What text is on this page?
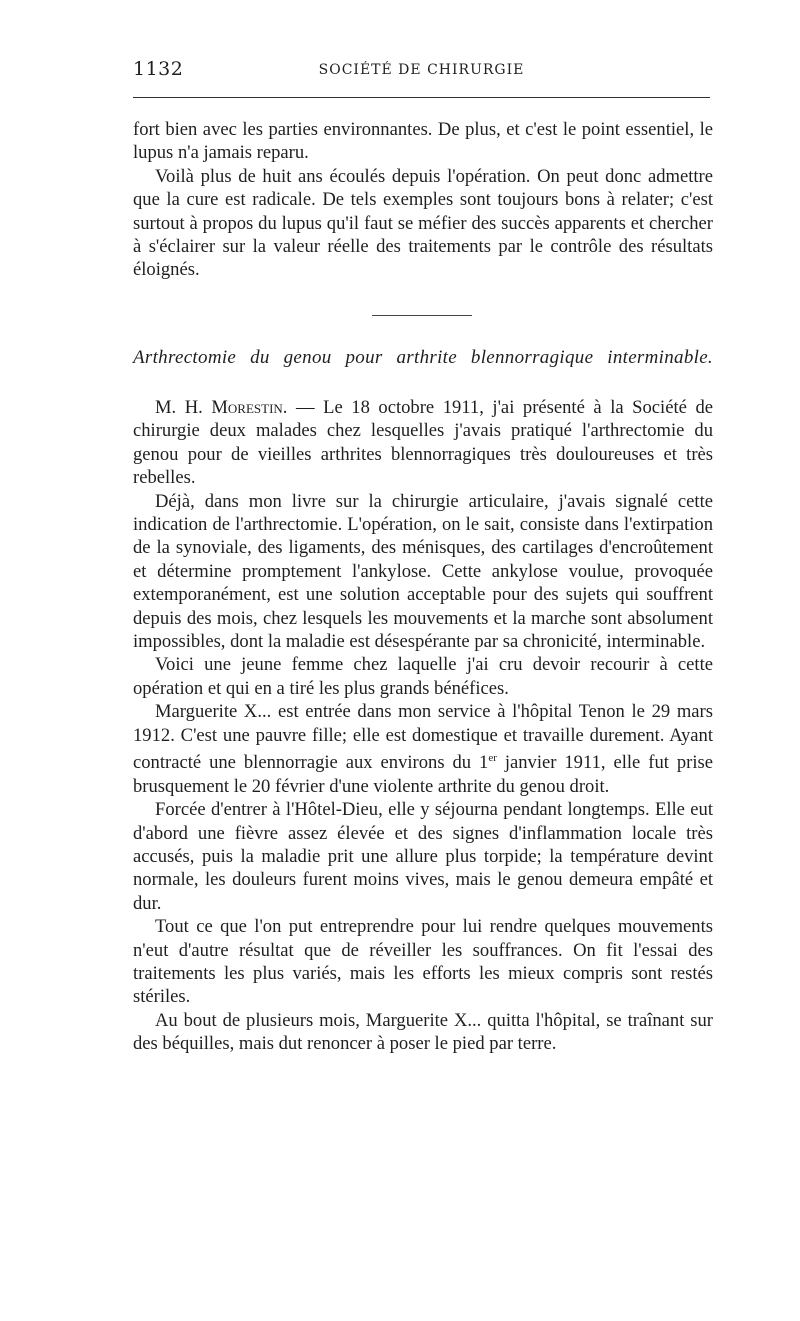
1132	SOCIÉTÉ DE CHIRURGIE

fort bien avec les parties environnantes. De plus, et c'est le point essentiel, le lupus n'a jamais reparu.

Voilà plus de huit ans écoulés depuis l'opération. On peut donc admettre que la cure est radicale. De tels exemples sont toujours bons à relater; c'est surtout à propos du lupus qu'il faut se méfier des succès apparents et chercher à s'éclairer sur la valeur réelle des traitements par le contrôle des résultats éloignés.

Arthrectomie du genou pour arthrite blennorragique interminable.

M. H. Morestin. — Le 18 octobre 1911, j'ai présenté à la Société de chirurgie deux malades chez lesquelles j'avais pratiqué l'arthrectomie du genou pour de vieilles arthrites blennorragiques très douloureuses et très rebelles.

Déjà, dans mon livre sur la chirurgie articulaire, j'avais signalé cette indication de l'arthrectomie. L'opération, on le sait, consiste dans l'extirpation de la synoviale, des ligaments, des ménisques, des cartilages d'encroûtement et détermine promptement l'ankylose. Cette ankylose voulue, provoquée extemporanément, est une solution acceptable pour des sujets qui souffrent depuis des mois, chez lesquels les mouvements et la marche sont absolument impossibles, dont la maladie est désespérante par sa chronicité, interminable.

Voici une jeune femme chez laquelle j'ai cru devoir recourir à cette opération et qui en a tiré les plus grands bénéfices.

Marguerite X... est entrée dans mon service à l'hôpital Tenon le 29 mars 1912. C'est une pauvre fille; elle est domestique et travaille durement. Ayant contracté une blennorragie aux environs du 1er janvier 1911, elle fut prise brusquement le 20 février d'une violente arthrite du genou droit.

Forcée d'entrer à l'Hôtel-Dieu, elle y séjourna pendant longtemps. Elle eut d'abord une fièvre assez élevée et des signes d'inflammation locale très accusés, puis la maladie prit une allure plus torpide; la température devint normale, les douleurs furent moins vives, mais le genou demeura empâté et dur.

Tout ce que l'on put entreprendre pour lui rendre quelques mouvements n'eut d'autre résultat que de réveiller les souffrances. On fit l'essai des traitements les plus variés, mais les efforts les mieux compris sont restés stériles.

Au bout de plusieurs mois, Marguerite X... quitta l'hôpital, se traînant sur des béquilles, mais dut renoncer à poser le pied par terre.
